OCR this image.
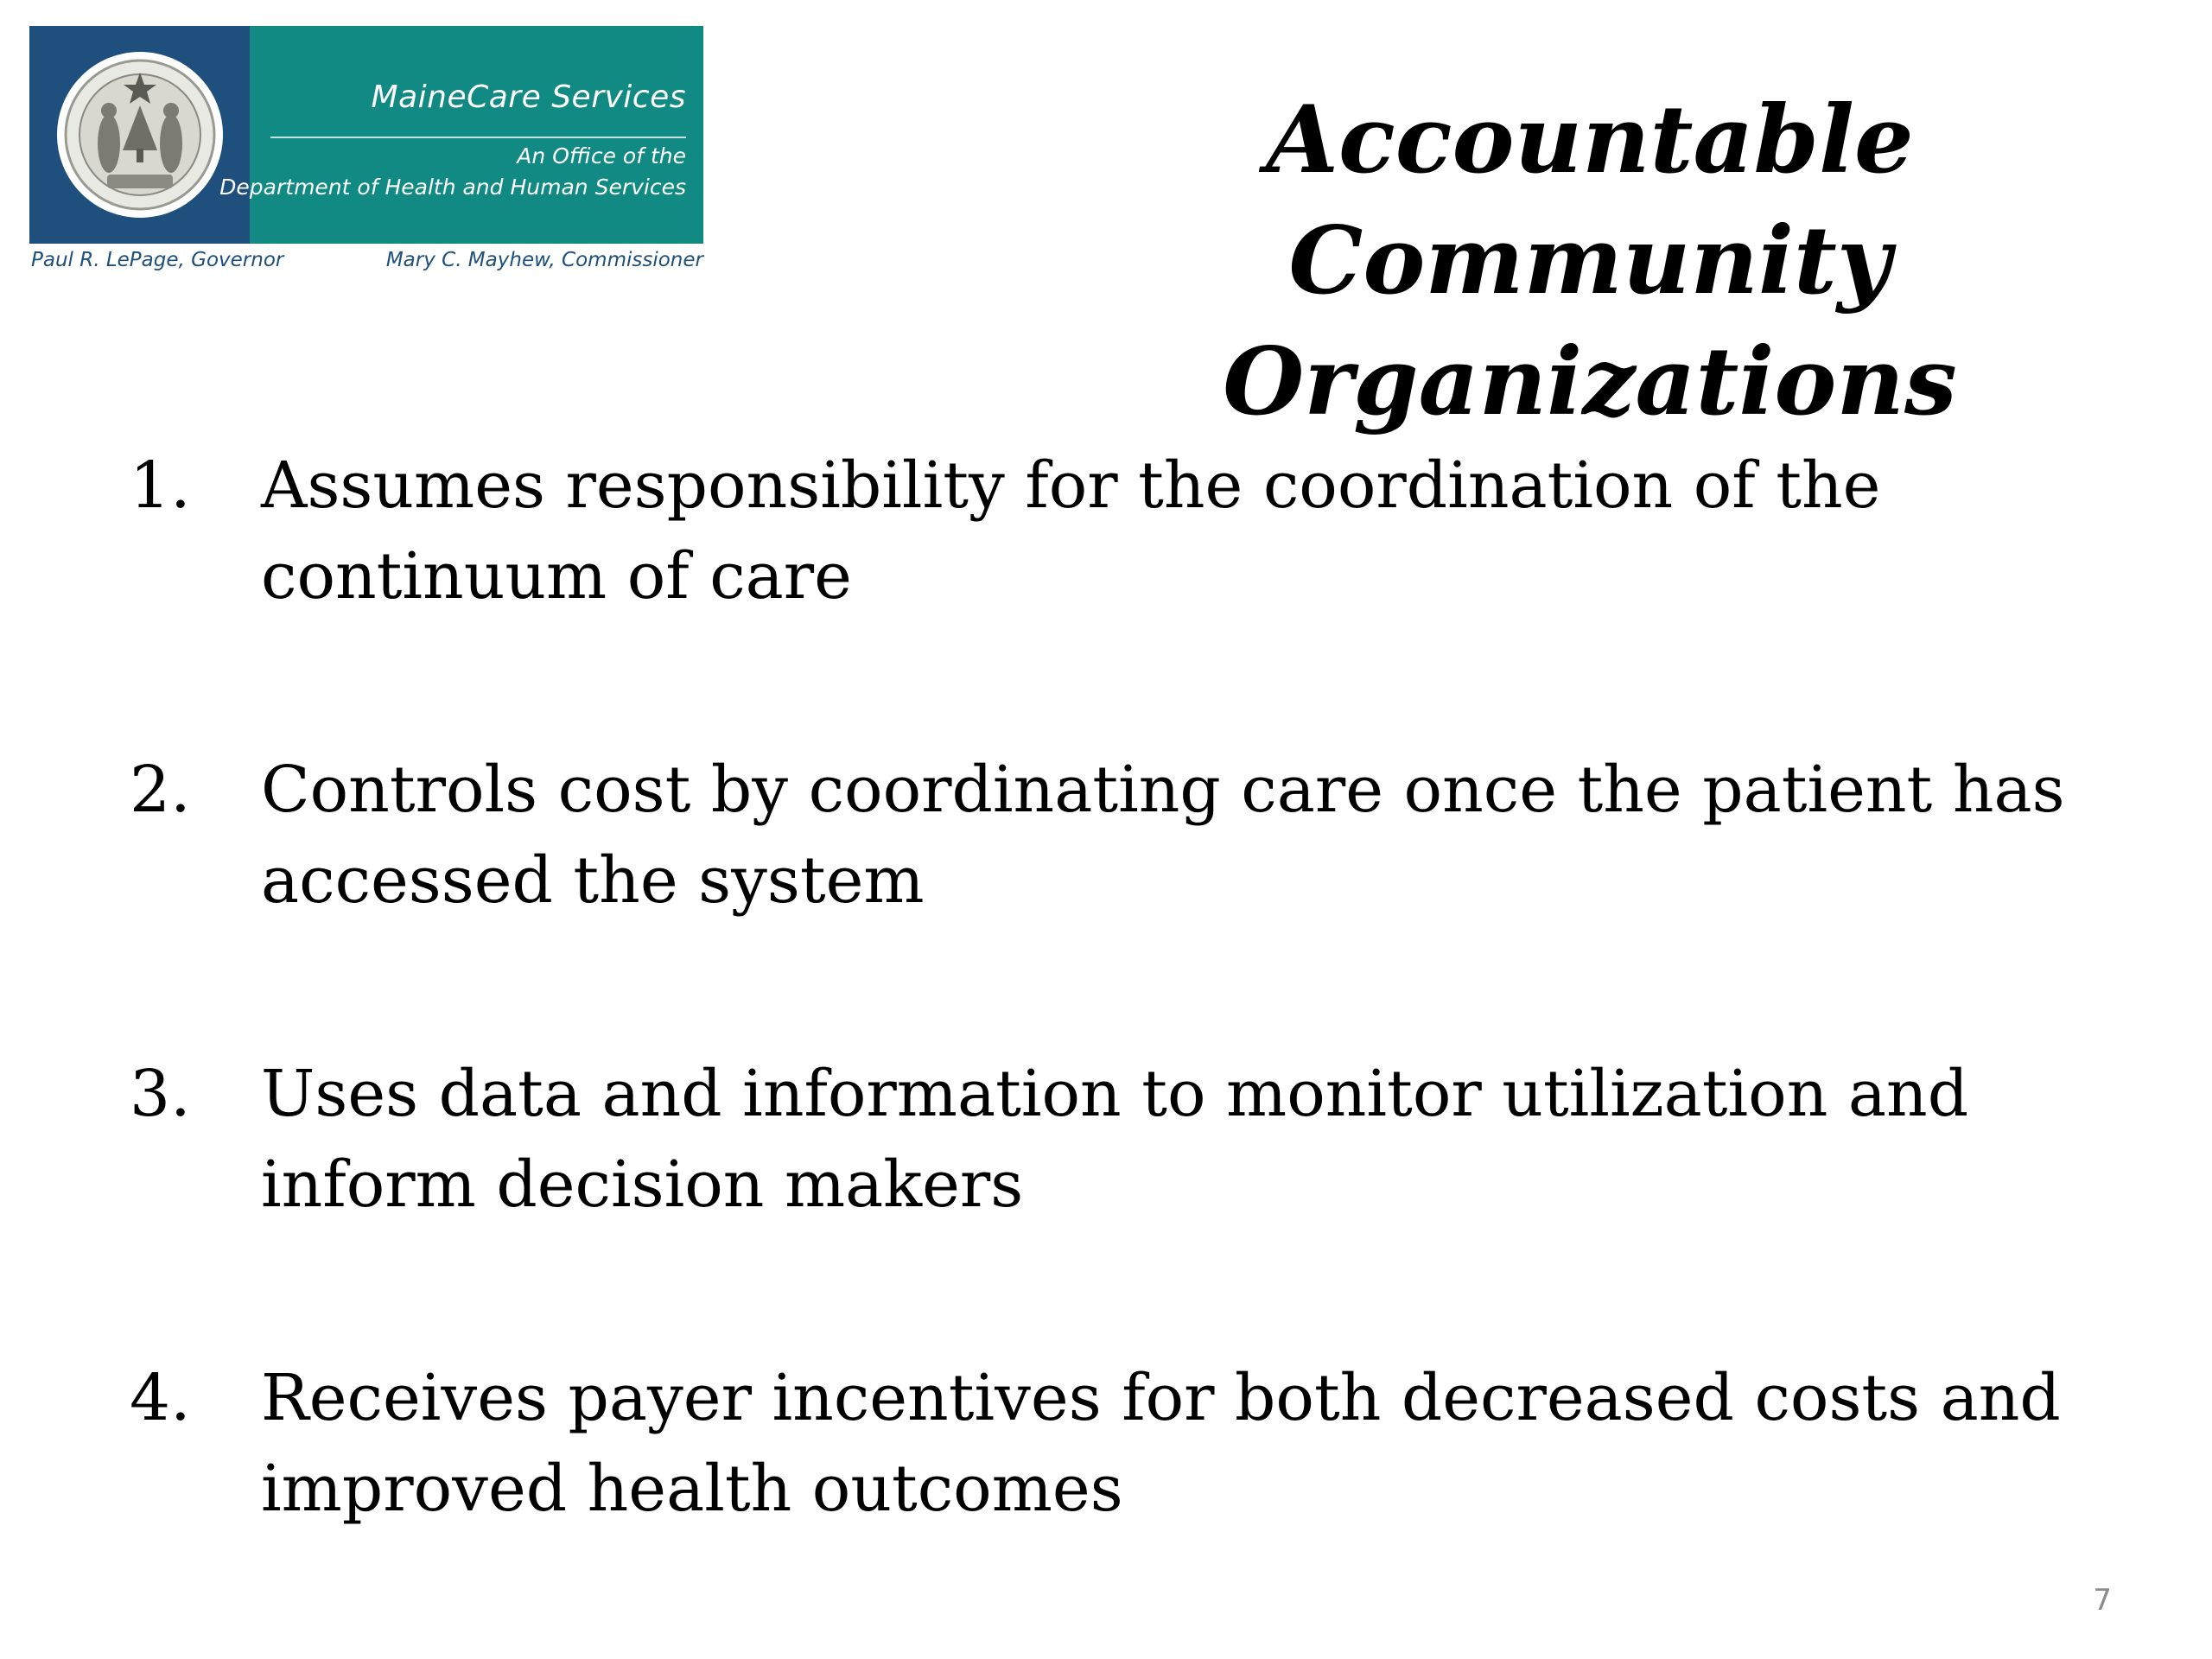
MaineCare Services
An Office of the
Department of Health and Human Services
Paul R. LePage, Governor	Mary C. Mayhew, Commissioner
Accountable
Community
Organizations
1.	Assumes responsibility for the coordination of the
continuum of care
2.	Controls cost by coordinating care once the patient has
accessed the system
3.	Uses data and information to monitor utilization and
inform decision makers
4.	Receives payer incentives for both decreased costs and
improved health outcomes
7
